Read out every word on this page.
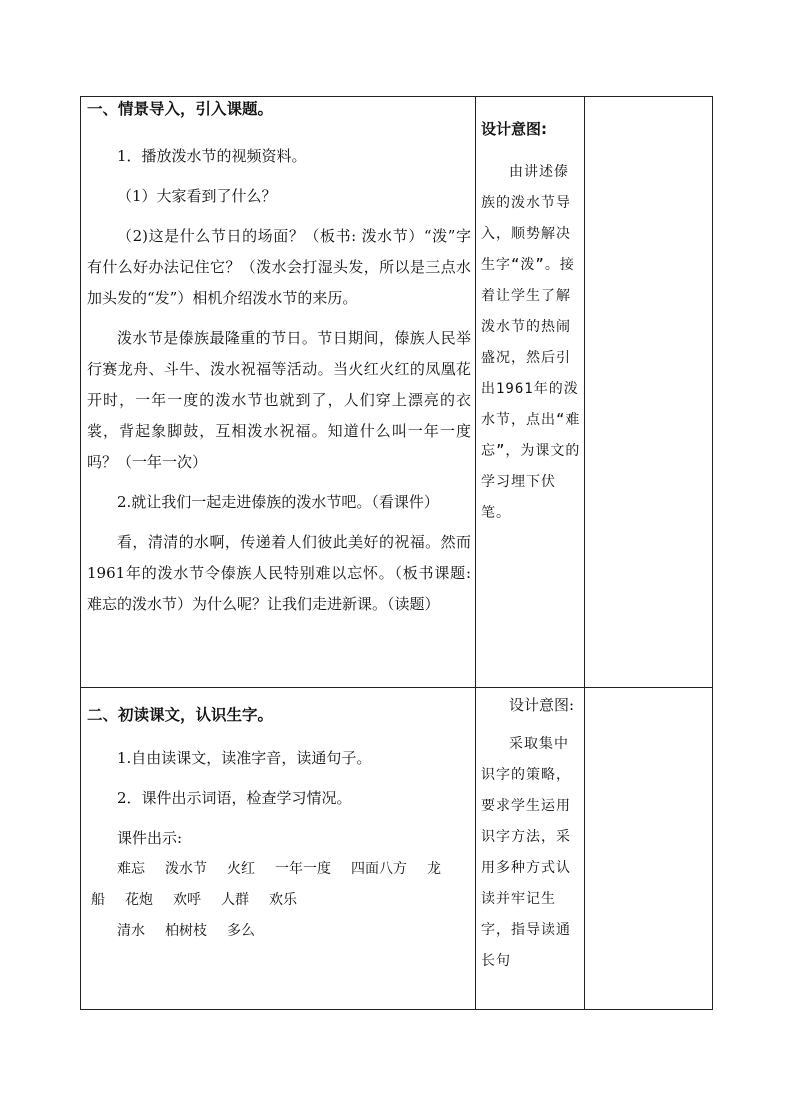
一、情景导入，引入课题。

1．播放泼水节的视频资料。

（1）大家看到了什么？

（2)这是什么节日的场面？（板书: 泼水节）“泼”字有什么好办法记住它？（泼水会打湿头发，所以是三点水加头发的“发”）相机介绍泼水节的来历。

泼水节是傣族最隆重的节日。节日期间，傣族人民举行赛龙舟、斗牛、泼水祝福等活动。当火红火红的凤凰花开时，一年一度的泼水节也就到了，人们穿上漂亮的衣裳，背起象脚鼓，互相泼水祝福。知道什么叫一年一度吗？（一年一次）

2.就让我们一起走进傣族的泼水节吧。（看课件）

看，清清的水啊，传递着人们彼此美好的祝福。然而1961年的泼水节令傣族人民特别难以忘怀。（板书课题: 难忘的泼水节）为什么呢？让我们走进新课。（读题）

设计意图:

由讲述傣族的泼水节导入，顺势解决生字“泼”。接着让学生了解泼水节的热闹盛况，然后引出1961年的泼水节，点出“难忘”，为课文的学习埋下伏笔。

二、初读课文，认识生字。

1.自由读课文，读准字音，读通句子。

2．课件出示词语，检查学习情况。

课件出示:

难忘 泼水节 火红 一年一度 四面八方 龙

船 花炮 欢呼 人群 欢乐

清水 柏树枝 多么

设计意图:

采取集中识字的策略，要求学生运用识字方法，采用多种方式认读并牢记生字，指导读通长句
